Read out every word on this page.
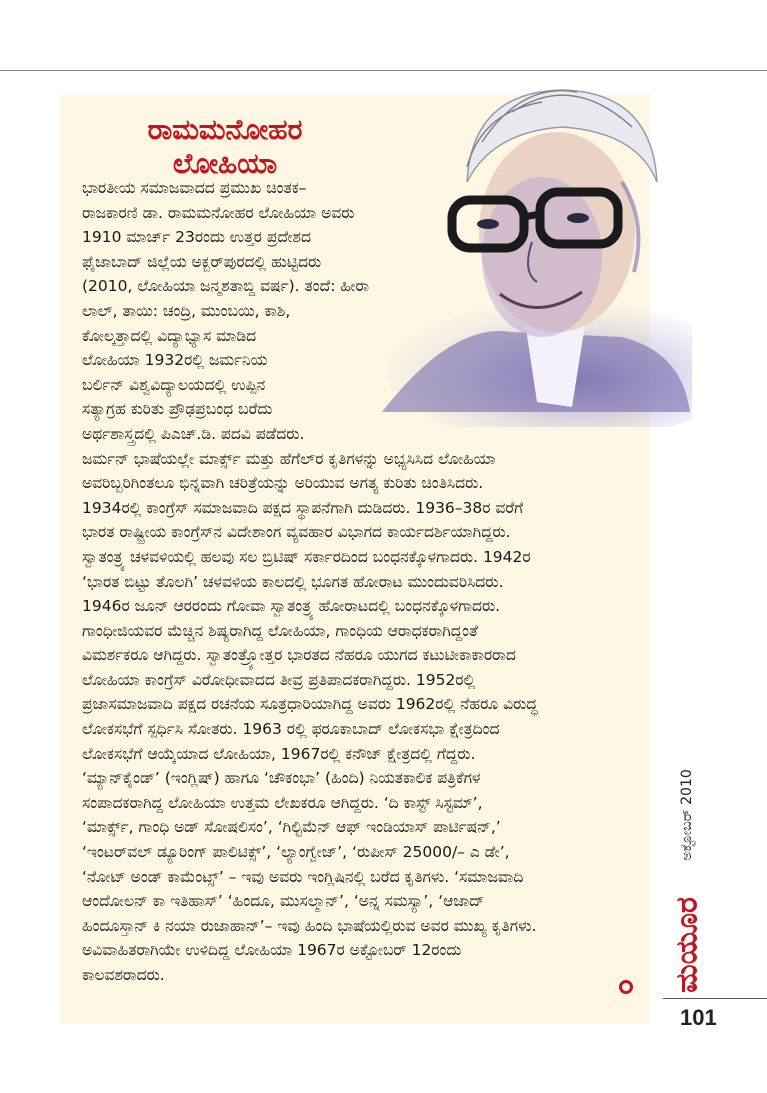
ರಾಮಮನೋಹರ
ಲೋಹಿಯಾ

ಭಾರತೀಯ ಸಮಾಜವಾದದ ಪ್ರಮುಖ ಚಿಂತಕ–

ರಾಜಕಾರಣಿ ಡಾ. ರಾಮಮನೋಹರ ಲೋಹಿಯಾ ಅವರು

1910 ಮಾರ್ಚ್ 23ರಂದು ಉತ್ತರ ಪ್ರದೇಶದ

ಫೈಜಾಬಾದ್ ಜಿಲ್ಲೆಯ ಅಕ್ಬರ್‌ಪುರದಲ್ಲಿ ಹುಟ್ಟಿದರು

(2010, ಲೋಹಿಯಾ ಜನ್ಮಶತಾಬ್ದಿ ವರ್ಷ). ತಂದೆ: ಹೀರಾ

ಲಾಲ್, ತಾಯಿ: ಚಂದ್ರಿ, ಮುಂಬಯಿ, ಕಾಶಿ,

ಕೋಲ್ಕತ್ತಾದಲ್ಲಿ ವಿದ್ಯಾಭ್ಯಾಸ ಮಾಡಿದ

ಲೋಹಿಯಾ 1932ರಲ್ಲಿ ಜರ್ಮನಿಯ

ಬರ್ಲಿನ್ ವಿಶ್ವವಿದ್ಯಾಲಯದಲ್ಲಿ ಉಪ್ಪಿನ

ಸತ್ಯಾಗ್ರಹ ಕುರಿತು ಪ್ರೌಢಪ್ರಬಂಧ ಬರೆದು

ಅರ್ಥಶಾಸ್ತ್ರದಲ್ಲಿ ಪಿಎಚ್.ಡಿ. ಪದವಿ ಪಡೆದರು.

ಜರ್ಮನ್ ಭಾಷೆಯಲ್ಲೇ ಮಾರ್ಕ್ಸ್ ಮತ್ತು ಹೆಗೆಲ್‌ರ ಕೃತಿಗಳನ್ನು ಅಭ್ಯಸಿಸಿದ ಲೋಹಿಯಾ

ಅವರಿಬ್ಬರಿಗಿಂತಲೂ ಭಿನ್ನವಾಗಿ ಚರಿತ್ರೆಯನ್ನು ಅರಿಯುವ ಅಗತ್ಯ ಕುರಿತು ಚಿಂತಿಸಿದರು.

1934ರಲ್ಲಿ ಕಾಂಗ್ರೆಸ್ ಸಮಾಜವಾದಿ ಪಕ್ಷದ ಸ್ಥಾಪನೆಗಾಗಿ ದುಡಿದರು. 1936–38ರ ವರೆಗೆ

ಭಾರತ ರಾಷ್ಟ್ರೀಯ ಕಾಂಗ್ರೆಸ್‌ನ ವಿದೇಶಾಂಗ ವ್ಯವಹಾರ ವಿಭಾಗದ ಕಾರ್ಯದರ್ಶಿಯಾಗಿದ್ದರು.

ಸ್ವಾತಂತ್ರ್ಯ ಚಳವಳಿಯಲ್ಲಿ ಹಲವು ಸಲ ಬ್ರಿಟಿಷ್ ಸರ್ಕಾರದಿಂದ ಬಂಧನಕ್ಕೊಳಗಾದರು. 1942ರ

‘ಭಾರತ ಬಿಟ್ಟು ತೊಲಗಿ’ ಚಳವಳಿಯ ಕಾಲದಲ್ಲಿ ಭೂಗತ ಹೋರಾಟ ಮುಂದುವರಿಸಿದರು.

1946ರ ಜೂನ್ ಆರರಂದು ಗೋವಾ ಸ್ವಾತಂತ್ರ್ಯ ಹೋರಾಟದಲ್ಲಿ ಬಂಧನಕ್ಕೊಳಗಾದರು.

ಗಾಂಧೀಜಿಯವರ ಮೆಚ್ಚಿನ ಶಿಷ್ಯರಾಗಿದ್ದ ಲೋಹಿಯಾ, ಗಾಂಧಿಯ ಆರಾಧಕರಾಗಿದ್ದಂತೆ

ವಿಮರ್ಶಕರೂ ಆಗಿದ್ದರು. ಸ್ವಾತಂತ್ರ್ಯೋತ್ತರ ಭಾರತದ ನೆಹರೂ ಯುಗದ ಕಟುಟೀಕಾಕಾರರಾದ

ಲೋಹಿಯಾ ಕಾಂಗ್ರೆಸ್ ವಿರೋಧೀವಾದದ ತೀವ್ರ ಪ್ರತಿಪಾದಕರಾಗಿದ್ದರು. 1952ರಲ್ಲಿ

ಪ್ರಜಾಸಮಾಜವಾದಿ ಪಕ್ಷದ ರಚನೆಯ ಸೂತ್ರಧಾರಿಯಾಗಿದ್ದ ಅವರು 1962ರಲ್ಲಿ ನೆಹರೂ ವಿರುದ್ಧ

ಲೋಕಸಭೆಗೆ ಸ್ಪರ್ಧಿಸಿ ಸೋತರು. 1963 ರಲ್ಲಿ ಫರೂಕಾಬಾದ್ ಲೋಕಸಭಾ ಕ್ಷೇತ್ರದಿಂದ

ಲೋಕಸಭೆಗೆ ಆಯ್ಕೆಯಾದ ಲೋಹಿಯಾ, 1967ರಲ್ಲಿ ಕನೌಜ್ ಕ್ಷೇತ್ರದಲ್ಲಿ ಗೆದ್ದರು.

‘ಮ್ಯಾನ್‌ಕೈಂಡ್’ (ಇಂಗ್ಲಿಷ್) ಹಾಗೂ ‘ಚೌಕಂಭಾ’ (ಹಿಂದಿ) ನಿಯತಕಾಲಿಕ ಪತ್ರಿಕೆಗಳ

ಸಂಪಾದಕರಾಗಿದ್ದ ಲೋಹಿಯಾ ಉತ್ತಮ ಲೇಖಕರೂ ಆಗಿದ್ದರು. ‘ದಿ ಕಾಸ್ಟ್ ಸಿಸ್ಟಮ್’,

‘ಮಾರ್ಕ್ಸ್, ಗಾಂಧಿ ಅಡ್ ಸೋಷಲಿಸಂ’, ‘ಗಿಲ್ಟಿಮೆನ್ ಆಫ್ ಇಂಡಿಯಾಸ್ ಪಾರ್ಟಿಷನ್,’

‘ಇಂಟರ್‌ವಲ್ ಡ್ಯೂರಿಂಗ್ ಪಾಲಿಟಿಕ್ಸ್’, ‘ಲ್ಯಾಂಗ್ವೇಜ್’, ‘ರುಪೀಸ್ 25000/– ಎ ಡೇ’,

‘ನೋಟ್ ಅಂಡ್ ಕಾಮೆಂಟ್ಸ್’ – ಇವು ಅವರು ಇಂಗ್ಲಿಷಿನಲ್ಲಿ ಬರೆದ ಕೃತಿಗಳು. ‘ಸಮಾಜವಾದಿ

ಆಂದೋಲನ್ ಕಾ ಇತಿಹಾಸ್’ ‘ಹಿಂದೂ, ಮುಸಲ್ಮಾನ್’, ‘ಅನ್ನ ಸಮಸ್ಯಾ’, ‘ಆಜಾದ್

ಹಿಂದೂಸ್ತಾನ್ ಕಿ ನಯಾ ರುಜಾಹಾನ್’– ಇವು ಹಿಂದಿ ಭಾಷೆಯಲ್ಲಿರುವ ಅವರ ಮುಖ್ಯ ಕೃತಿಗಳು.

ಅವಿವಾಹಿತರಾಗಿಯೇ ಉಳಿದಿದ್ದ ಲೋಹಿಯಾ 1967ರ ಅಕ್ಟೋಬರ್ 12ರಂದು

ಕಾಲವಶರಾದರು.

ಅಕ್ಟೋಬರ್ 2010
ಮಯೂರ
101
